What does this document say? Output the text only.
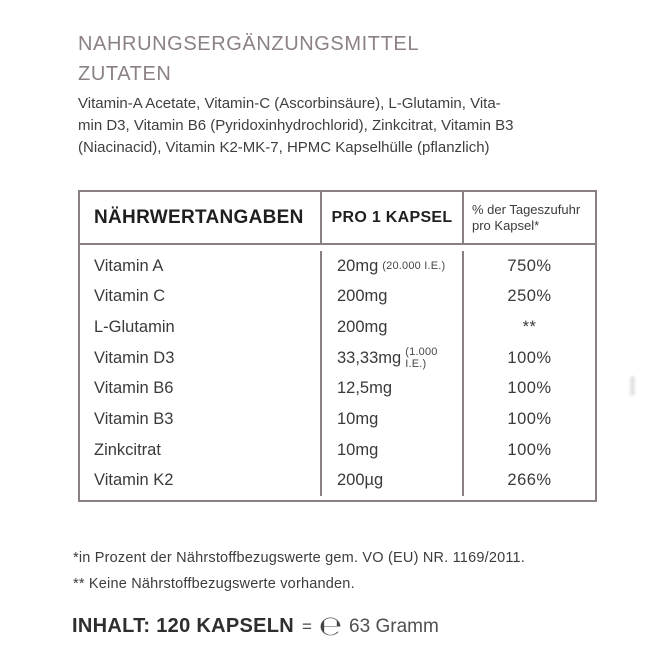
NAHRUNGSERGÄNZUNGSMITTEL
ZUTATEN
Vitamin-A Acetate, Vitamin-C (Ascorbinsäure), L-Glutamin, Vita-
min D3, Vitamin B6 (Pyridoxinhydrochlorid), Zinkcitrat, Vitamin B3
(Niacinacid), Vitamin K2-MK-7, HPMC Kapselhülle (pflanzlich)
NÄHRWERTANGABEN	PRO 1 KAPSEL	% der Tageszufuhr
pro Kapsel*
Vitamin A	20mg (20.000 I.E.)	750%
Vitamin C	200mg	250%
L-Glutamin	200mg	**
Vitamin D3	33,33mg (1.000 I.E.)	100%
Vitamin B6	12,5mg	100%
Vitamin B3	10mg	100%
Zinkcitrat	10mg	100%
Vitamin K2	200µg	266%
*in Prozent der Nährstoffbezugswerte gem. VO (EU) NR. 1169/2011.
** Keine Nährstoffbezugswerte vorhanden.
INHALT: 120 KAPSELN = ℮ 63 Gramm
